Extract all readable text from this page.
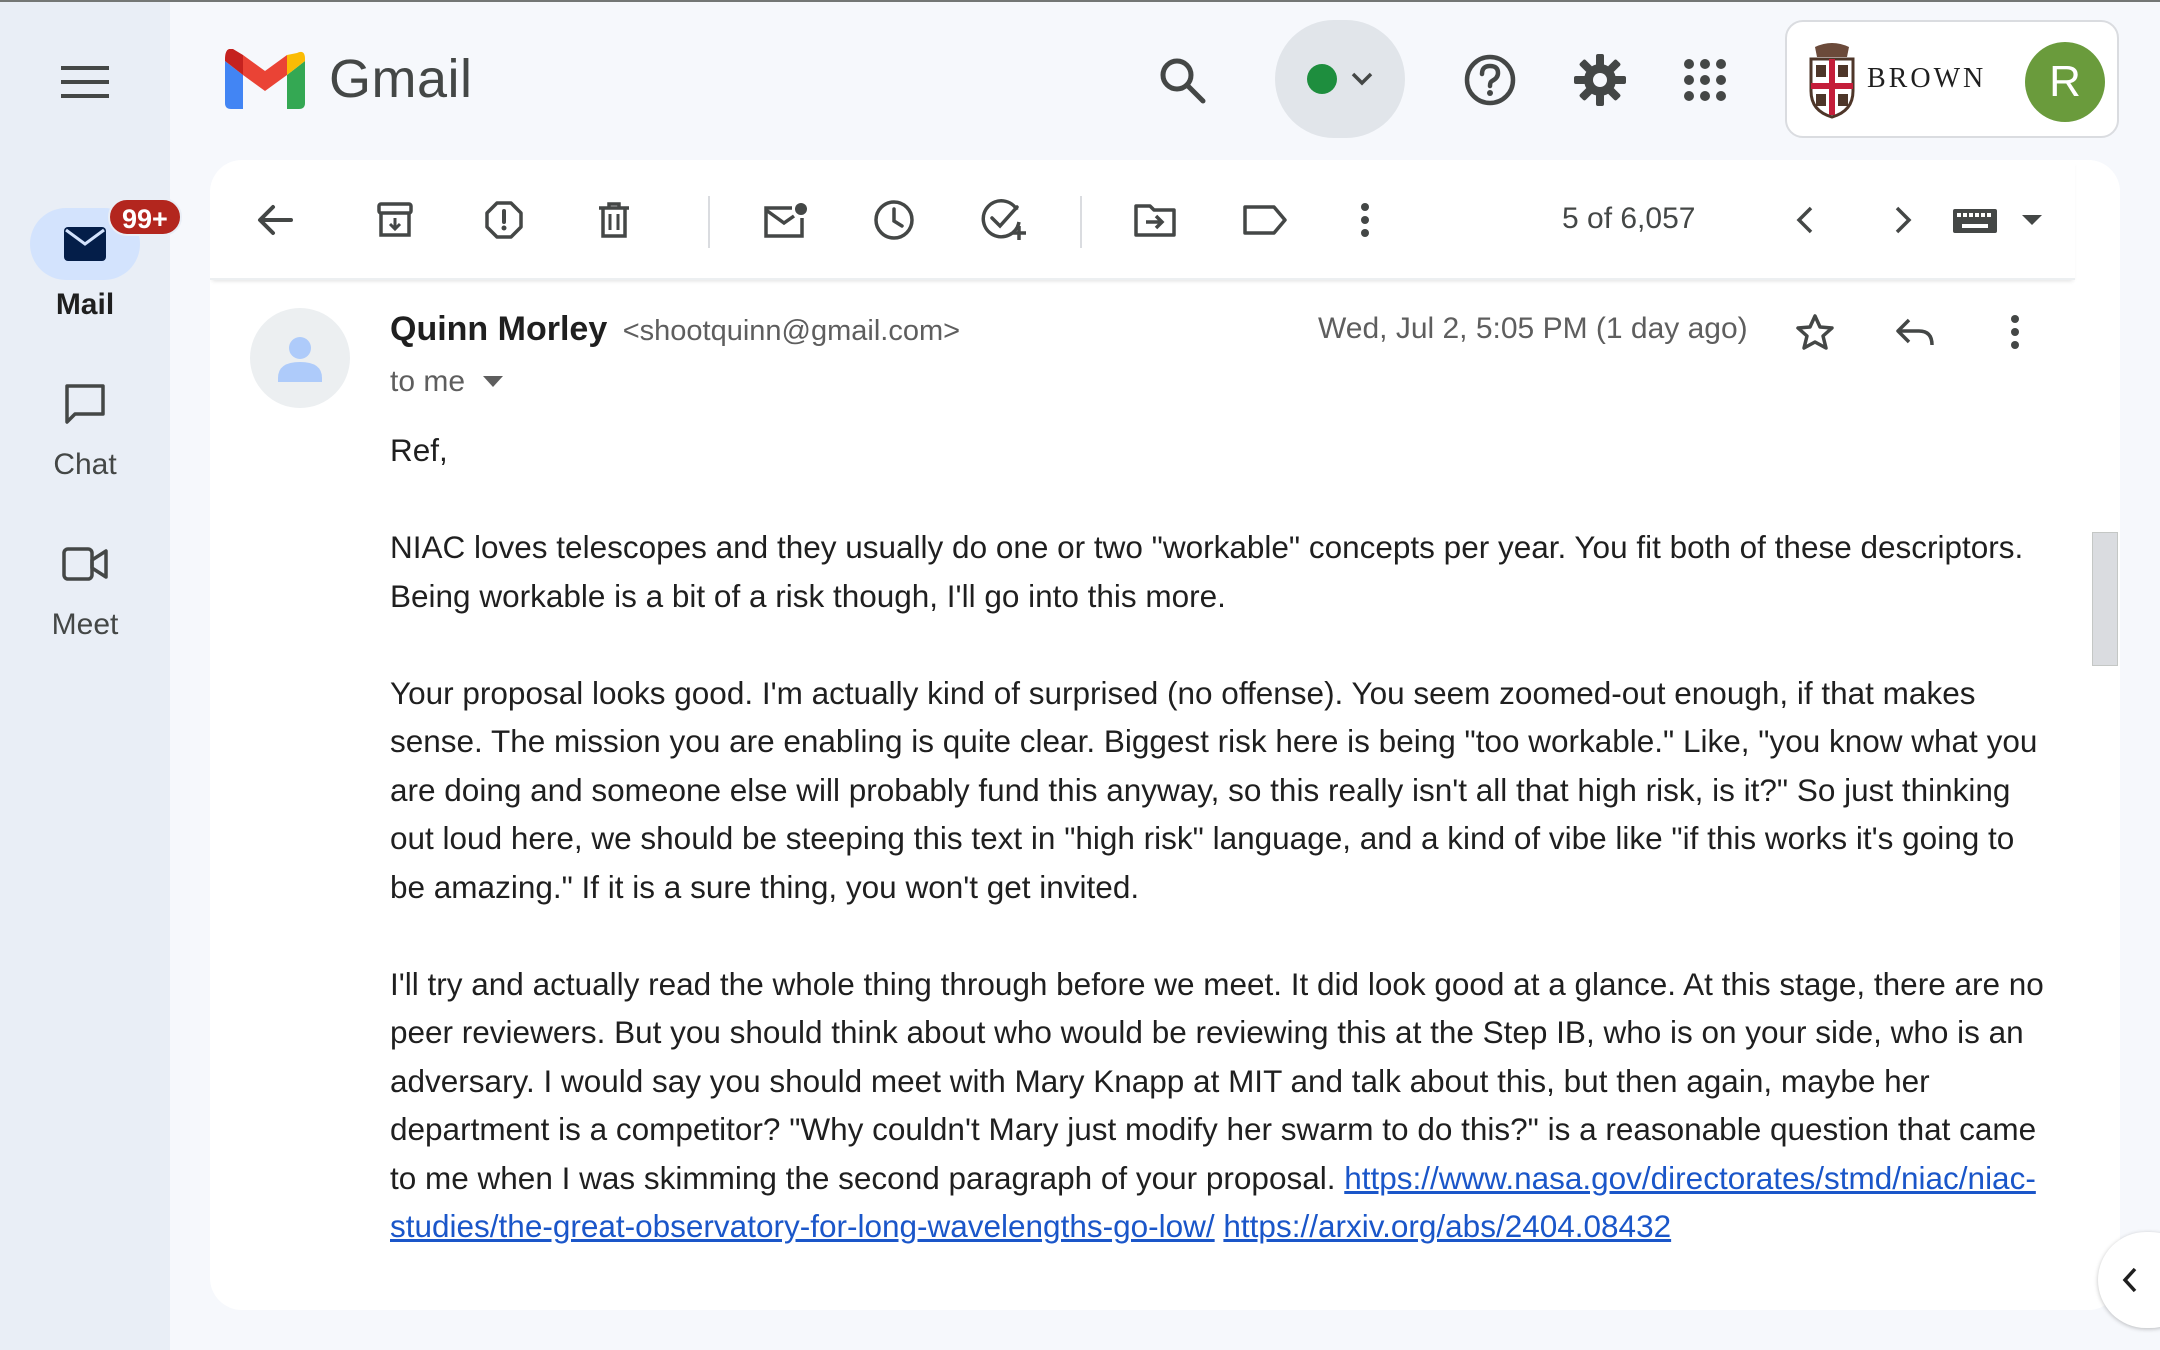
99+
Mail
Chat
Meet
Gmail	BROWN	R
5 of 6,057
Quinn Morley <shootquinn@gmail.com>
to me
Wed, Jul 2, 5:05 PM (1 day ago)

Ref,

NIAC loves telescopes and they usually do one or two "workable" concepts per year. You fit both of these descriptors. Being workable is a bit of a risk though, I'll go into this more.

Your proposal looks good. I'm actually kind of surprised (no offense). You seem zoomed-out enough, if that makes sense. The mission you are enabling is quite clear. Biggest risk here is being "too workable." Like, "you know what you are doing and someone else will probably fund this anyway, so this really isn't all that high risk, is it?" So just thinking out loud here, we should be steeping this text in "high risk" language, and a kind of vibe like "if this works it's going to be amazing." If it is a sure thing, you won't get invited.

I'll try and actually read the whole thing through before we meet. It did look good at a glance. At this stage, there are no peer reviewers. But you should think about who would be reviewing this at the Step IB, who is on your side, who is an adversary. I would say you should meet with Mary Knapp at MIT and talk about this, but then again, maybe her department is a competitor? "Why couldn't Mary just modify her swarm to do this?" is a reasonable question that came to me when I was skimming the second paragraph of your proposal. https://www.nasa.gov/directorates/stmd/niac/niac-studies/the-great-observatory-for-long-wavelengths-go-low/ https://arxiv.org/abs/2404.08432
